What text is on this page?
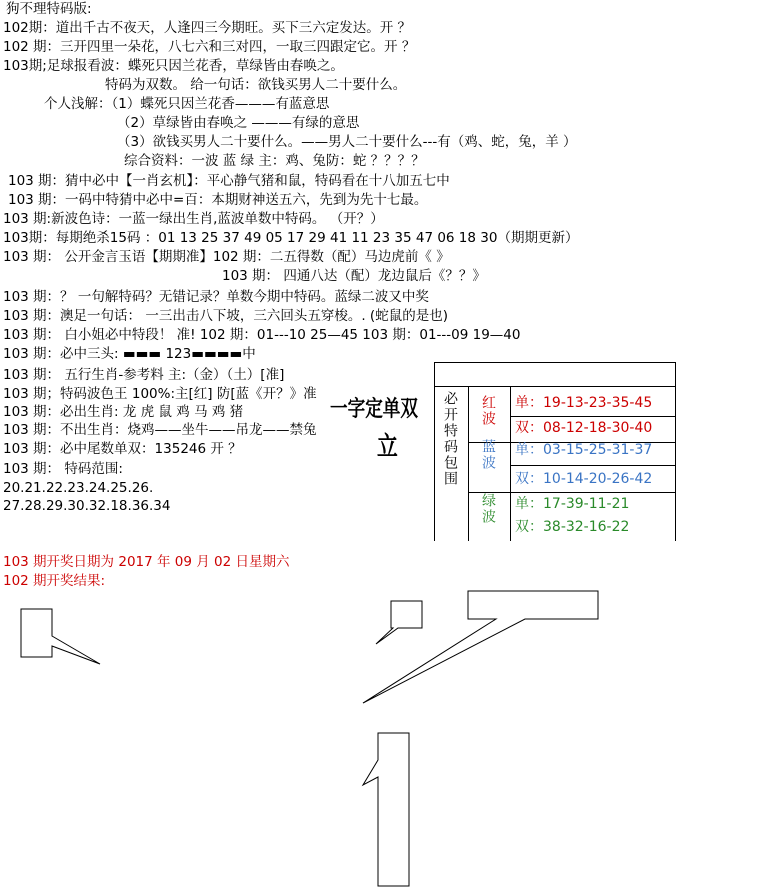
狗不理特码版:
102期：道出千古不夜天，人逢四三今期旺。买下三六定发达。开 ？
102 期：三开四里一朵花，八七六和三对四，一取三四跟定它。开 ？
103期;足球报看波：蝶死只因兰花香，草绿皆由春唤之。
特码为双数。 给一句话：欲钱买男人二十要什么。
个人浅解：（1）蝶死只因兰花香———有蓝意思
（2）草绿皆由春唤之 ———有绿的意思
（3）欲钱买男人二十要什么。——男人二十要什么---有（鸡、蛇，兔，羊 ）
综合资料：一波 蓝 绿 主：鸡、兔防：蛇 ？？？？
103 期：猜中必中【一肖玄机】：平心静气猪和鼠，特码看在十八加五七中
103 期：一码中特猜中必中=百：本期财神送五六，先到为先十七最。
103 期:新波色诗：一蓝一绿出生肖,蓝波单数中特码。 （开？）
103期：每期绝杀15码 ：01 13 25 37 49 05 17 29 41 11 23 35 47 06 18 30（期期更新）
103 期： 公开金言玉语【期期准】102 期：二五得数（配）马边虎前《 》
103 期： 四通八达（配）龙边鼠后《？？》
103 期：？ 一句解特码？无错记录？单数今期中特码。蓝绿二波又中奖
103 期：澳足一句话： 一三出击八下坡，三六回头五穿梭。. (蛇鼠的是也)
103 期： 白小姐必中特段！ 准! 102 期：01---10 25—45 103 期：01---09 19—40
103 期：必中三头: ▬▬▬ 123▬▬▬▬中
103 期： 五行生肖-参考料 主:（金）（土）[准]
103 期；特码波色王 100%:主[红] 防[蓝《开？》准
103 期：必出生肖: 龙 虎 鼠 鸡 马 鸡 猪
103 期：不出生肖：烧鸡——坐牛——吊龙——禁兔
103 期：必中尾数单双：135246 开 ？
103 期： 特码范围:
20.21.22.23.24.25.26.
27.28.29.30.32.18.36.34
一字定单双
立	必开特码包围 红波 单：19-13-23-35-45
双：08-12-18-30-40
蓝波 单：03-15-25-31-37
双：10-14-20-26-42
绿波 单：17-39-11-21
双：38-32-16-22
103 期开奖日期为 2017 年 09 月 02 日星期六
102 期开奖结果:
